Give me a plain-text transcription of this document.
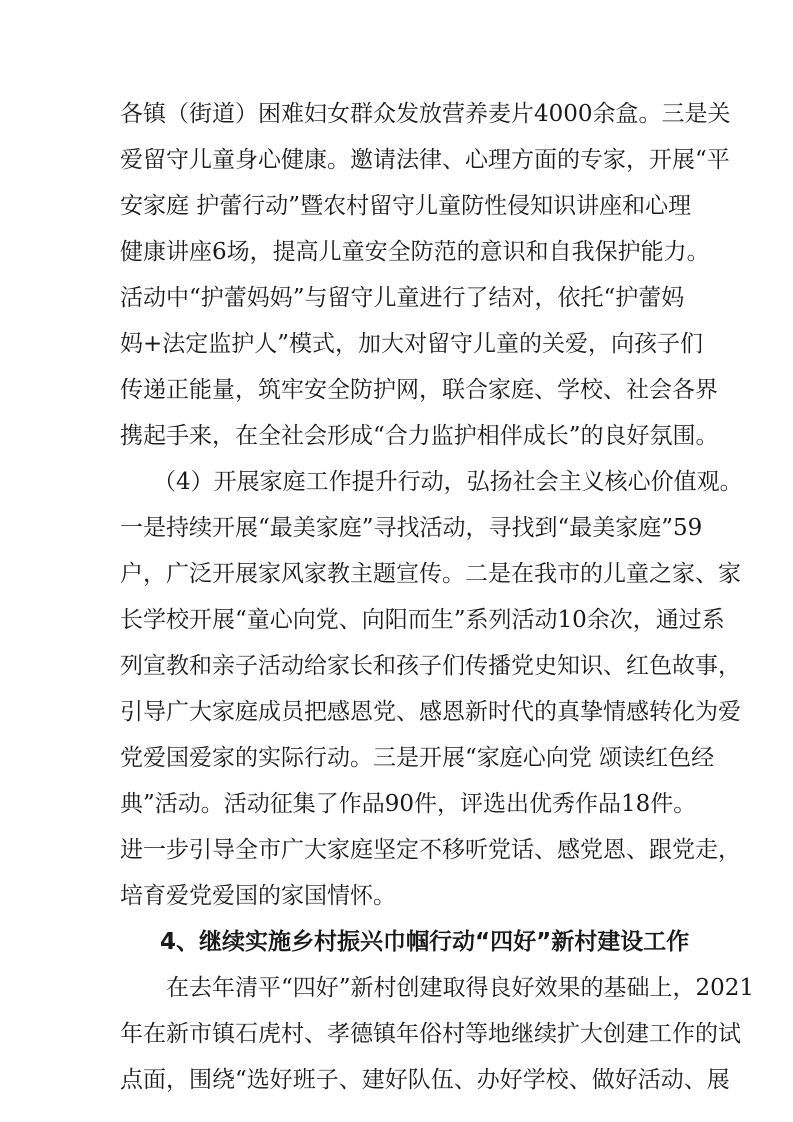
各镇（街道）困难妇女群众发放营养麦片4000余盒。三是关
爱留守儿童身心健康。邀请法律、心理方面的专家，开展“平
安家庭 护蕾行动”暨农村留守儿童防性侵知识讲座和心理
健康讲座6场，提高儿童安全防范的意识和自我保护能力。
活动中“护蕾妈妈”与留守儿童进行了结对，依托“护蕾妈
妈+法定监护人”模式，加大对留守儿童的关爱，向孩子们
传递正能量，筑牢安全防护网，联合家庭、学校、社会各界
携起手来，在全社会形成“合力监护相伴成长”的良好氛围。
（4）开展家庭工作提升行动，弘扬社会主义核心价值观。
一是持续开展“最美家庭”寻找活动，寻找到“最美家庭”59
户，广泛开展家风家教主题宣传。二是在我市的儿童之家、家
长学校开展“童心向党、向阳而生”系列活动10余次，通过系
列宣教和亲子活动给家长和孩子们传播党史知识、红色故事，
引导广大家庭成员把感恩党、感恩新时代的真挚情感转化为爱
党爱国爱家的实际行动。三是开展“家庭心向党 颂读红色经
典”活动。活动征集了作品90件，评选出优秀作品18件。
进一步引导全市广大家庭坚定不移听党话、感党恩、跟党走，
培育爱党爱国的家国情怀。
4、继续实施乡村振兴巾帼行动“四好”新村建设工作
在去年清平“四好”新村创建取得良好效果的基础上，2021
年在新市镇石虎村、孝德镇年俗村等地继续扩大创建工作的试
点面，围绕“选好班子、建好队伍、办好学校、做好活动、展
